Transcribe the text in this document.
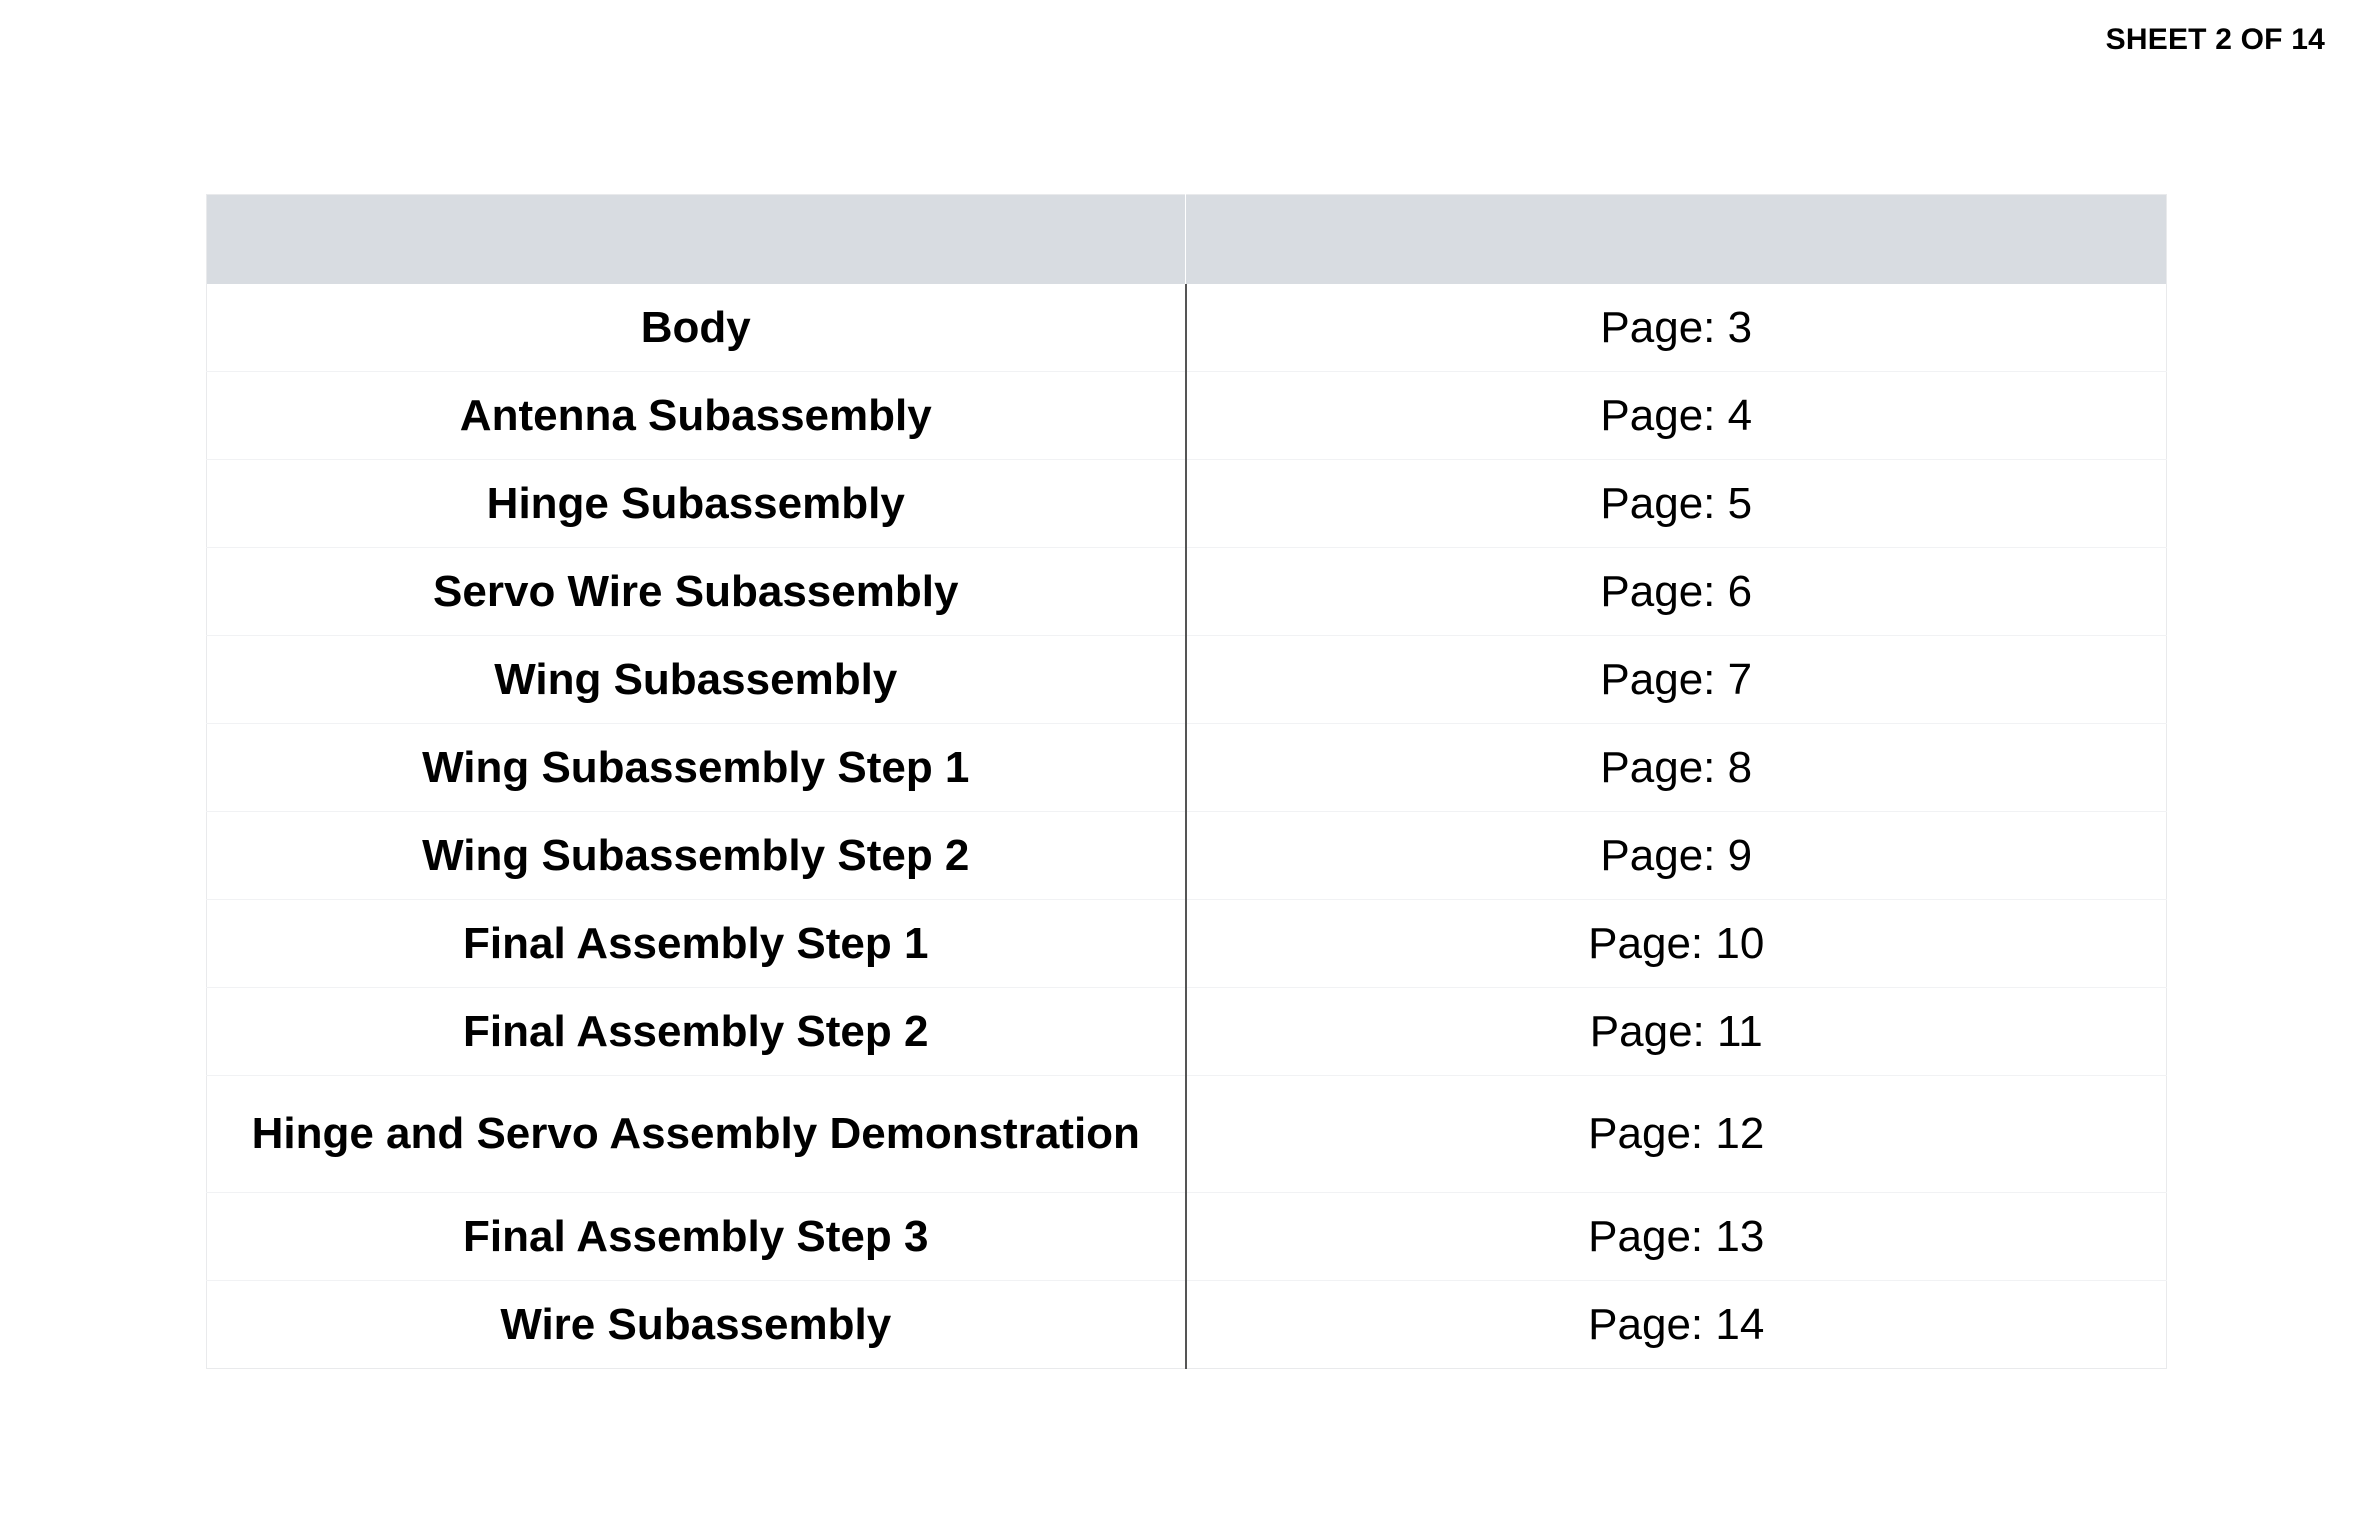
SHEET 2 OF 14

Body	Page: 3
Antenna Subassembly	Page: 4
Hinge Subassembly	Page: 5
Servo Wire Subassembly	Page: 6
Wing Subassembly	Page: 7
Wing Subassembly Step 1	Page: 8
Wing Subassembly Step 2	Page: 9
Final Assembly Step 1	Page: 10
Final Assembly Step 2	Page: 11
Hinge and Servo Assembly Demonstration	Page: 12
Final Assembly Step 3	Page: 13
Wire Subassembly	Page: 14
